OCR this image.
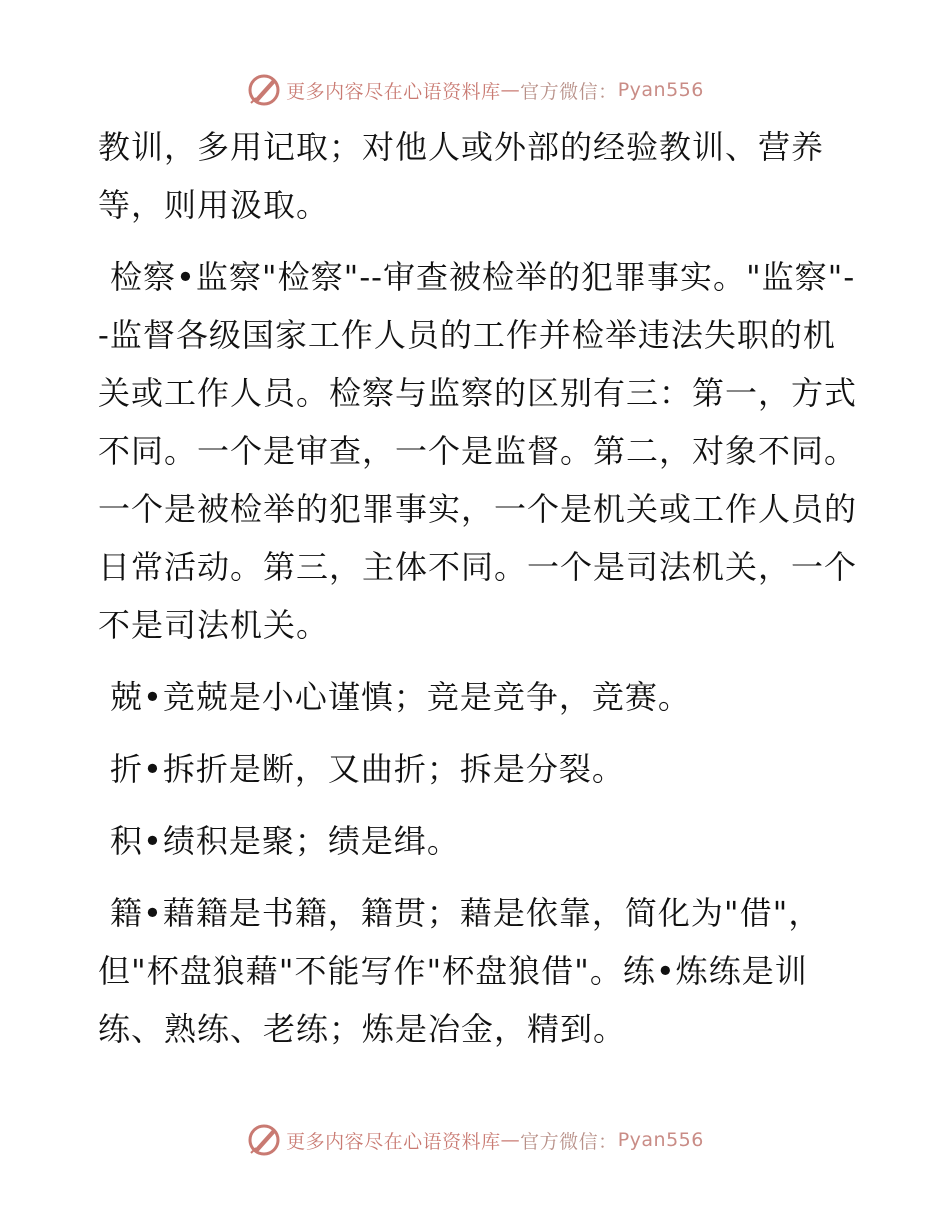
更多内容尽在心语资料库 — 官方微信： Pyan556

教训，多用记取；对他人或外部的经验教训、营养等，则用汲取。

检察•监察"检察"--审查被检举的犯罪事实。"监察"--监督各级国家工作人员的工作并检举违法失职的机关或工作人员。检察与监察的区别有三：第一，方式不同。一个是审查，一个是监督。第二，对象不同。一个是被检举的犯罪事实，一个是机关或工作人员的日常活动。第三，主体不同。一个是司法机关，一个不是司法机关。

兢•竞兢是小心谨慎；竞是竞争，竞赛。

折•拆折是断，又曲折；拆是分裂。

积•绩积是聚；绩是缉。

籍•藉籍是书籍，籍贯；藉是依靠，简化为"借"，但"杯盘狼藉"不能写作"杯盘狼借"。练•炼练是训练、熟练、老练；炼是冶金，精到。

更多内容尽在心语资料库 — 官方微信： Pyan556
